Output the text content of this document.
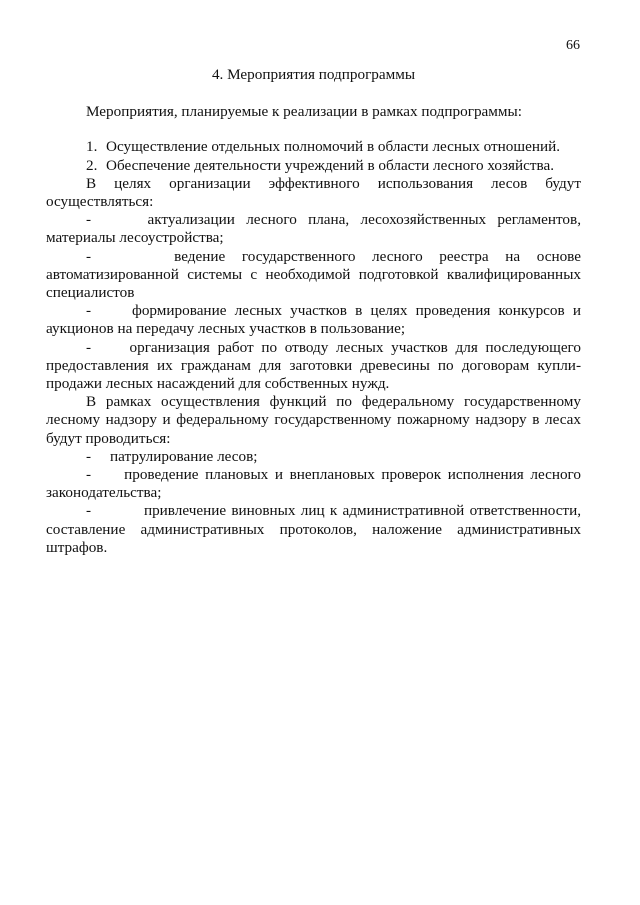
66

4. Мероприятия подпрограммы

Мероприятия, планируемые к реализации в рамках подпрограммы:

1. Осуществление отдельных полномочий в области лесных отношений.
2. Обеспечение деятельности учреждений в области лесного хозяйства.

В целях организации эффективного использования лесов будут осуществляться:

-	актуализации лесного плана, лесохозяйственных регламентов, материалы лесоустройства;

-	ведение государственного лесного реестра на основе автоматизированной системы с необходимой подготовкой квалифицированных специалистов

-	формирование лесных участков в целях проведения конкурсов и аукционов на передачу лесных участков в пользование;

-	организация работ по отводу лесных участков для последующего предоставления их гражданам для заготовки древесины по договорам купли-продажи лесных насаждений для собственных нужд.

В рамках осуществления функций по федеральному государственному лесному надзору и федеральному государственному пожарному надзору в лесах будут проводиться:

- патрулирование лесов;

- проведение плановых и внеплановых проверок исполнения лесного законодательства;

-	привлечение виновных лиц к административной ответственности, составление административных протоколов, наложение административных штрафов.
